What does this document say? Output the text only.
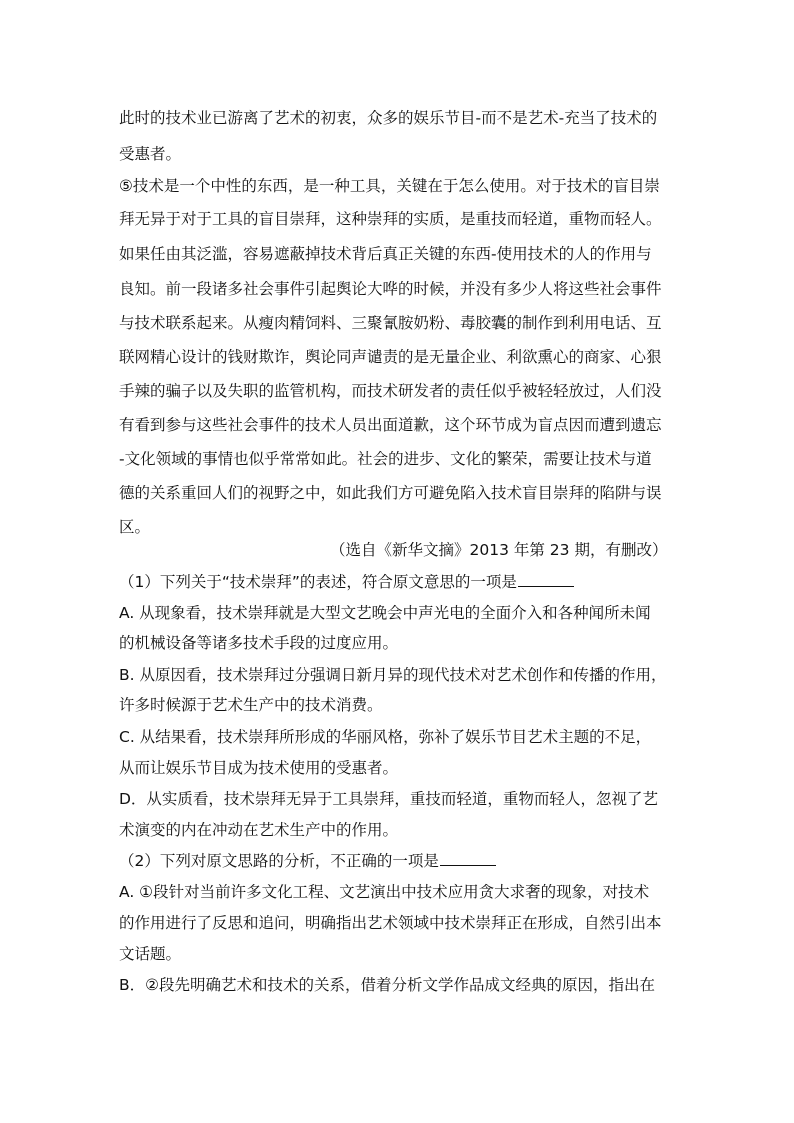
此时的技术业已游离了艺术的初衷，众多的娱乐节目-而不是艺术-充当了技术的
受惠者。
⑤技术是一个中性的东西，是一种工具，关键在于怎么使用。对于技术的盲目崇
拜无异于对于工具的盲目崇拜，这种崇拜的实质，是重技而轻道，重物而轻人。
如果任由其泛滥，容易遮蔽掉技术背后真正关键的东西-使用技术的人的作用与
良知。前一段诸多社会事件引起舆论大哗的时候，并没有多少人将这些社会事件
与技术联系起来。从瘦肉精饲料、三聚氰胺奶粉、毒胶囊的制作到利用电话、互
联网精心设计的钱财欺诈，舆论同声谴责的是无量企业、利欲熏心的商家、心狠
手辣的骗子以及失职的监管机构，而技术研发者的责任似乎被轻轻放过，人们没
有看到参与这些社会事件的技术人员出面道歉，这个环节成为盲点因而遭到遗忘
-文化领域的事情也似乎常常如此。社会的进步、文化的繁荣，需要让技术与道
德的关系重回人们的视野之中，如此我们方可避免陷入技术盲目崇拜的陷阱与误
区。
（选自《新华文摘》2013 年第 23 期，有删改）
（1）下列关于“技术崇拜”的表述，符合原文意思的一项是
A. 从现象看，技术崇拜就是大型文艺晚会中声光电的全面介入和各种闻所未闻
的机械设备等诸多技术手段的过度应用。
B. 从原因看，技术崇拜过分强调日新月异的现代技术对艺术创作和传播的作用，
许多时候源于艺术生产中的技术消费。
C. 从结果看，技术崇拜所形成的华丽风格，弥补了娱乐节目艺术主题的不足，
从而让娱乐节目成为技术使用的受惠者。
D．从实质看，技术崇拜无异于工具崇拜，重技而轻道，重物而轻人，忽视了艺
术演变的内在冲动在艺术生产中的作用。
（2）下列对原文思路的分析，不正确的一项是
A. ①段针对当前许多文化工程、文艺演出中技术应用贪大求奢的现象，对技术
的作用进行了反思和追问，明确指出艺术领域中技术崇拜正在形成，自然引出本
文话题。
B．②段先明确艺术和技术的关系，借着分析文学作品成文经典的原因，指出在
